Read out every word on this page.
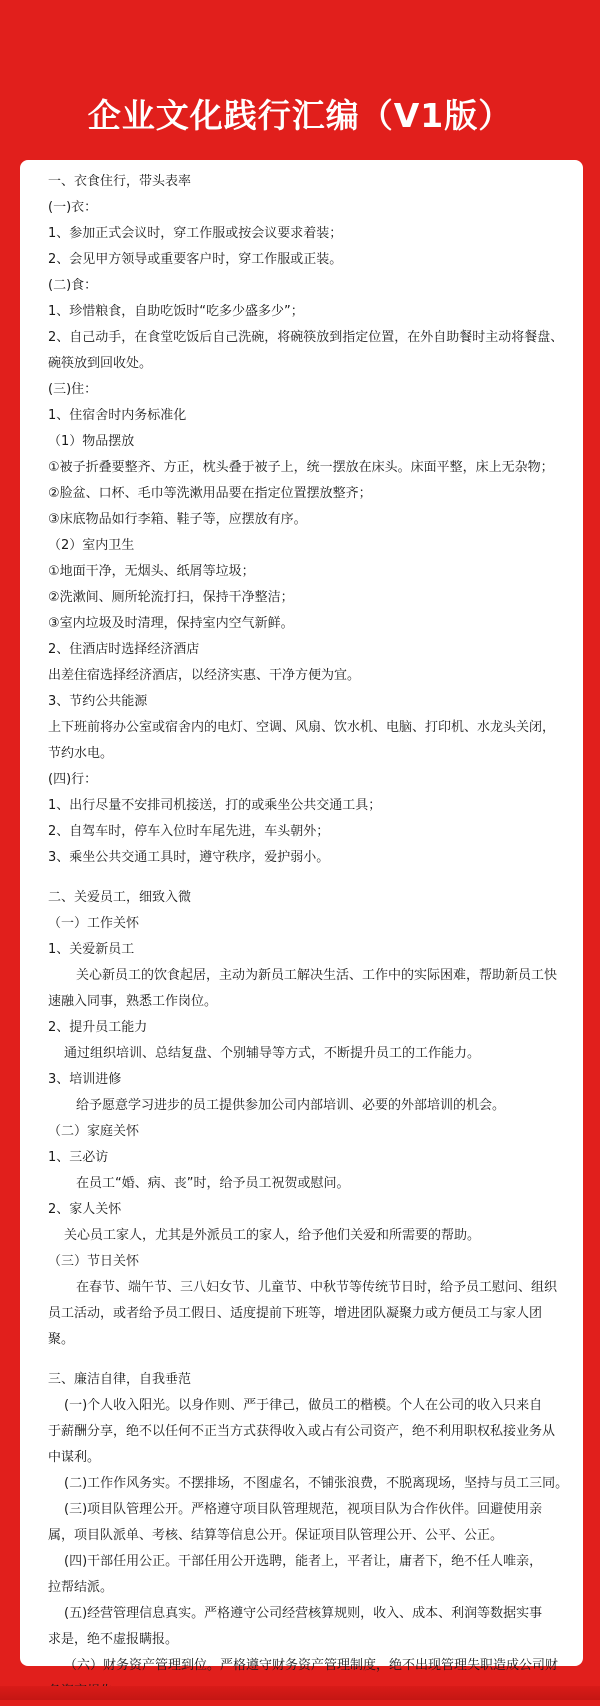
企业文化践行汇编（V1版）
一、衣食住行，带头表率
(一)衣：
1、参加正式会议时，穿工作服或按会议要求着装；
2、会见甲方领导或重要客户时，穿工作服或正装。
(二)食：
1、珍惜粮食，自助吃饭时“吃多少盛多少”；
2、自己动手，在食堂吃饭后自己洗碗，将碗筷放到指定位置，在外自助餐时主动将餐盘、
碗筷放到回收处。
(三)住：
1、住宿舍时内务标准化
（1）物品摆放
①被子折叠要整齐、方正，枕头叠于被子上，统一摆放在床头。床面平整，床上无杂物；
②脸盆、口杯、毛巾等洗漱用品要在指定位置摆放整齐；
③床底物品如行李箱、鞋子等，应摆放有序。
（2）室内卫生
①地面干净，无烟头、纸屑等垃圾；
②洗漱间、厕所轮流打扫，保持干净整洁；
③室内垃圾及时清理，保持室内空气新鲜。
2、住酒店时选择经济酒店
出差住宿选择经济酒店，以经济实惠、干净方便为宜。
3、节约公共能源
上下班前将办公室或宿舍内的电灯、空调、风扇、饮水机、电脑、打印机、水龙头关闭，
节约水电。
(四)行：
1、出行尽量不安排司机接送，打的或乘坐公共交通工具；
2、自驾车时，停车入位时车尾先进，车头朝外；
3、乘坐公共交通工具时，遵守秩序，爱护弱小。
二、关爱员工，细致入微
（一）工作关怀
1、关爱新员工
关心新员工的饮食起居，主动为新员工解决生活、工作中的实际困难，帮助新员工快
速融入同事，熟悉工作岗位。
2、提升员工能力
通过组织培训、总结复盘、个别辅导等方式，不断提升员工的工作能力。
3、培训进修
给予愿意学习进步的员工提供参加公司内部培训、必要的外部培训的机会。
（二）家庭关怀
1、三必访
在员工“婚、病、丧”时，给予员工祝贺或慰问。
2、家人关怀
关心员工家人，尤其是外派员工的家人，给予他们关爱和所需要的帮助。
（三）节日关怀
在春节、端午节、三八妇女节、儿童节、中秋节等传统节日时，给予员工慰问、组织
员工活动，或者给予员工假日、适度提前下班等，增进团队凝聚力或方便员工与家人团
聚。
三、廉洁自律，自我垂范
(一)个人收入阳光。以身作则、严于律己，做员工的楷模。个人在公司的收入只来自
于薪酬分享，绝不以任何不正当方式获得收入或占有公司资产，绝不利用职权私接业务从
中谋利。
(二)工作作风务实。不摆排场，不图虚名，不铺张浪费，不脱离现场，坚持与员工三同。
(三)项目队管理公开。严格遵守项目队管理规范，视项目队为合作伙伴。回避使用亲
属，项目队派单、考核、结算等信息公开。保证项目队管理公开、公平、公正。
(四)干部任用公正。干部任用公开选聘，能者上，平者让，庸者下，绝不任人唯亲，
拉帮结派。
(五)经营管理信息真实。严格遵守公司经营核算规则，收入、成本、利润等数据实事
求是，绝不虚报瞒报。
（六）财务资产管理到位。严格遵守财务资产管理制度，绝不出现管理失职造成公司财
